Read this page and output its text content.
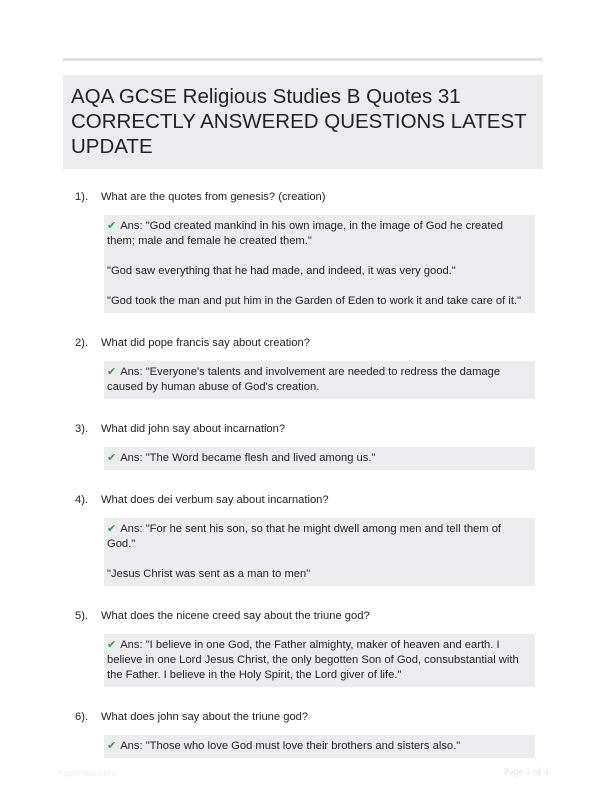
AQA GCSE Religious Studies B Quotes 31 CORRECTLY ANSWERED QUESTIONS LATEST UPDATE
1).	What are the quotes from genesis? (creation)

✔ Ans: "God created mankind in his own image, in the image of God he created them; male and female he created them."

"God saw everything that he had made, and indeed, it was very good."

"God took the man and put him in the Garden of Eden to work it and take care of it."

2).	What did pope francis say about creation?

✔ Ans: "Everyone's talents and involvement are needed to redress the damage caused by human abuse of God's creation.

3).	What did john say about incarnation?

✔ Ans: "The Word became flesh and lived among us."

4).	What does dei verbum say about incarnation?

✔ Ans: "For he sent his son, so that he might dwell among men and tell them of God."

"Jesus Christ was sent as a man to men"

5).	What does the nicene creed say about the triune god?

✔ Ans: "I believe in one God, the Father almighty, maker of heaven and earth. I believe in one Lord Jesus Christ, the only begotten Son of God, consubstantial with the Father. I believe in the Holy Spirit, the Lord giver of life."

6).	What does john say about the triune god?

✔ Ans: "Those who love God must love their brothers and sisters also."

Paperbliic.com	Page 1 of 4
